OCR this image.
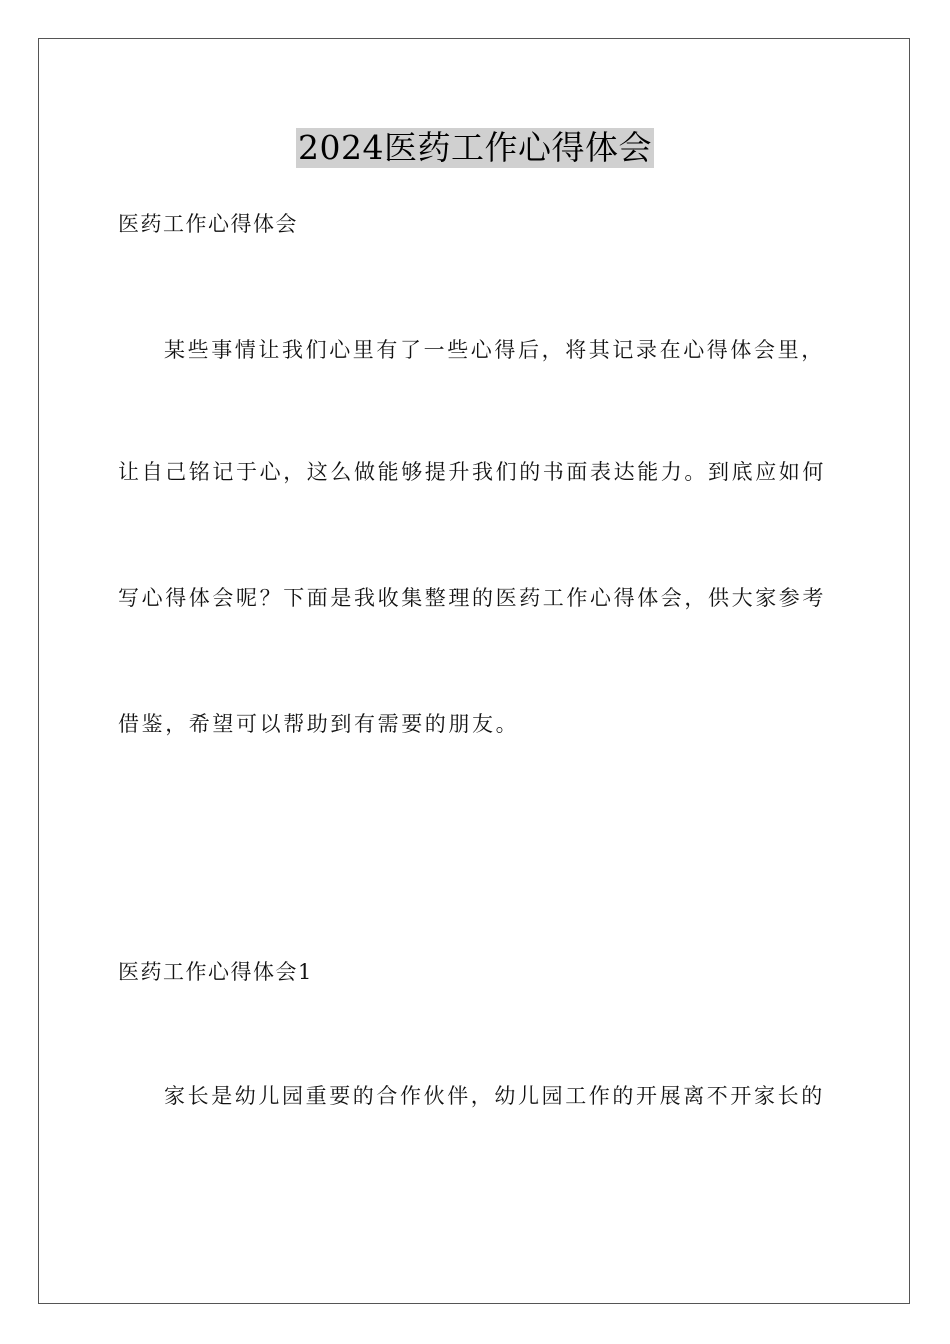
2024医药工作心得体会
医药工作心得体会
某些事情让我们心里有了一些心得后，将其记录在心得体会里，
让自己铭记于心，这么做能够提升我们的书面表达能力。到底应如何
写心得体会呢？下面是我收集整理的医药工作心得体会，供大家参考
借鉴，希望可以帮助到有需要的朋友。
医药工作心得体会1
家长是幼儿园重要的合作伙伴，幼儿园工作的开展离不开家长的
